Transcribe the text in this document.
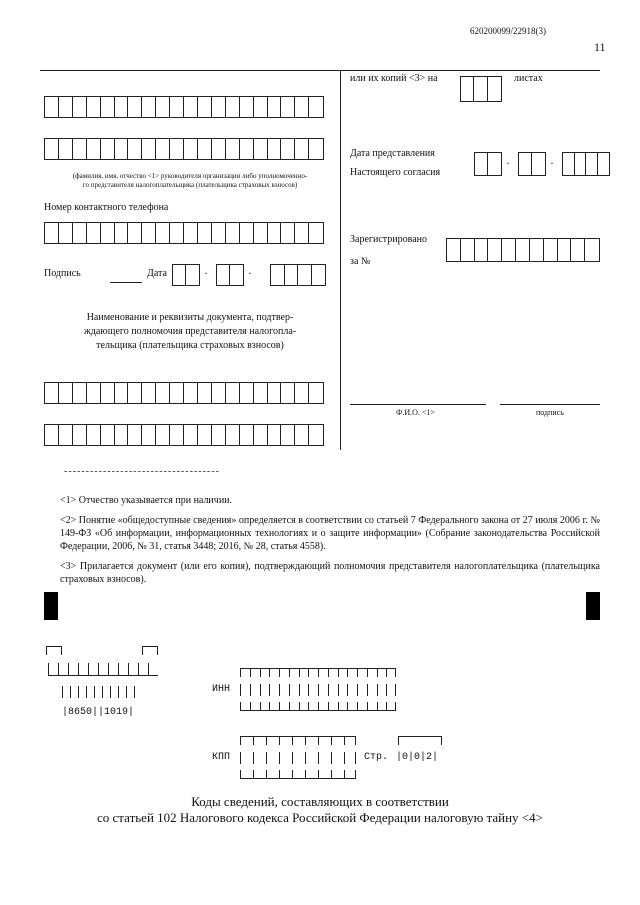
620200099/22918(3)
11
(фамилия, имя, отчество <1> руководителя организации либо уполномоченно-
го представителя налогоплательщика (плательщика страховых взносов)
Номер контактного телефона
Подпись	Дата	·	·
Наименование и реквизиты документа, подтвер-
ждающего полномочия представителя налогопла-
тельщика (плательщика страховых взносов)
или их копий <3> на	листах
Дата представления
Настоящего согласия
·	·
Зарегистрировано
за №
Ф.И.О. <1>	подпись
------------------------------------
<1> Отчество указывается при наличии.
<2> Понятие «общедоступные сведения» определяется в соответствии со статьей 7 Федерального закона от 27 июля 2006 г. № 149-ФЗ «Об информации, информационных технологиях и о защите информации» (Собрание законодательства Российской Федерации, 2006, № 31, статья 3448; 2016, № 28, статья 4558).
<3> Прилагается документ (или его копия), подтверждающий полномочия представителя налогоплательщика (плательщика страховых взносов).
|8650||1019|
ИНН
КПП	Стр. |0|0|2|
Коды сведений, составляющих в соответствии
со статьей 102 Налогового кодекса Российской Федерации налоговую тайну <4>
